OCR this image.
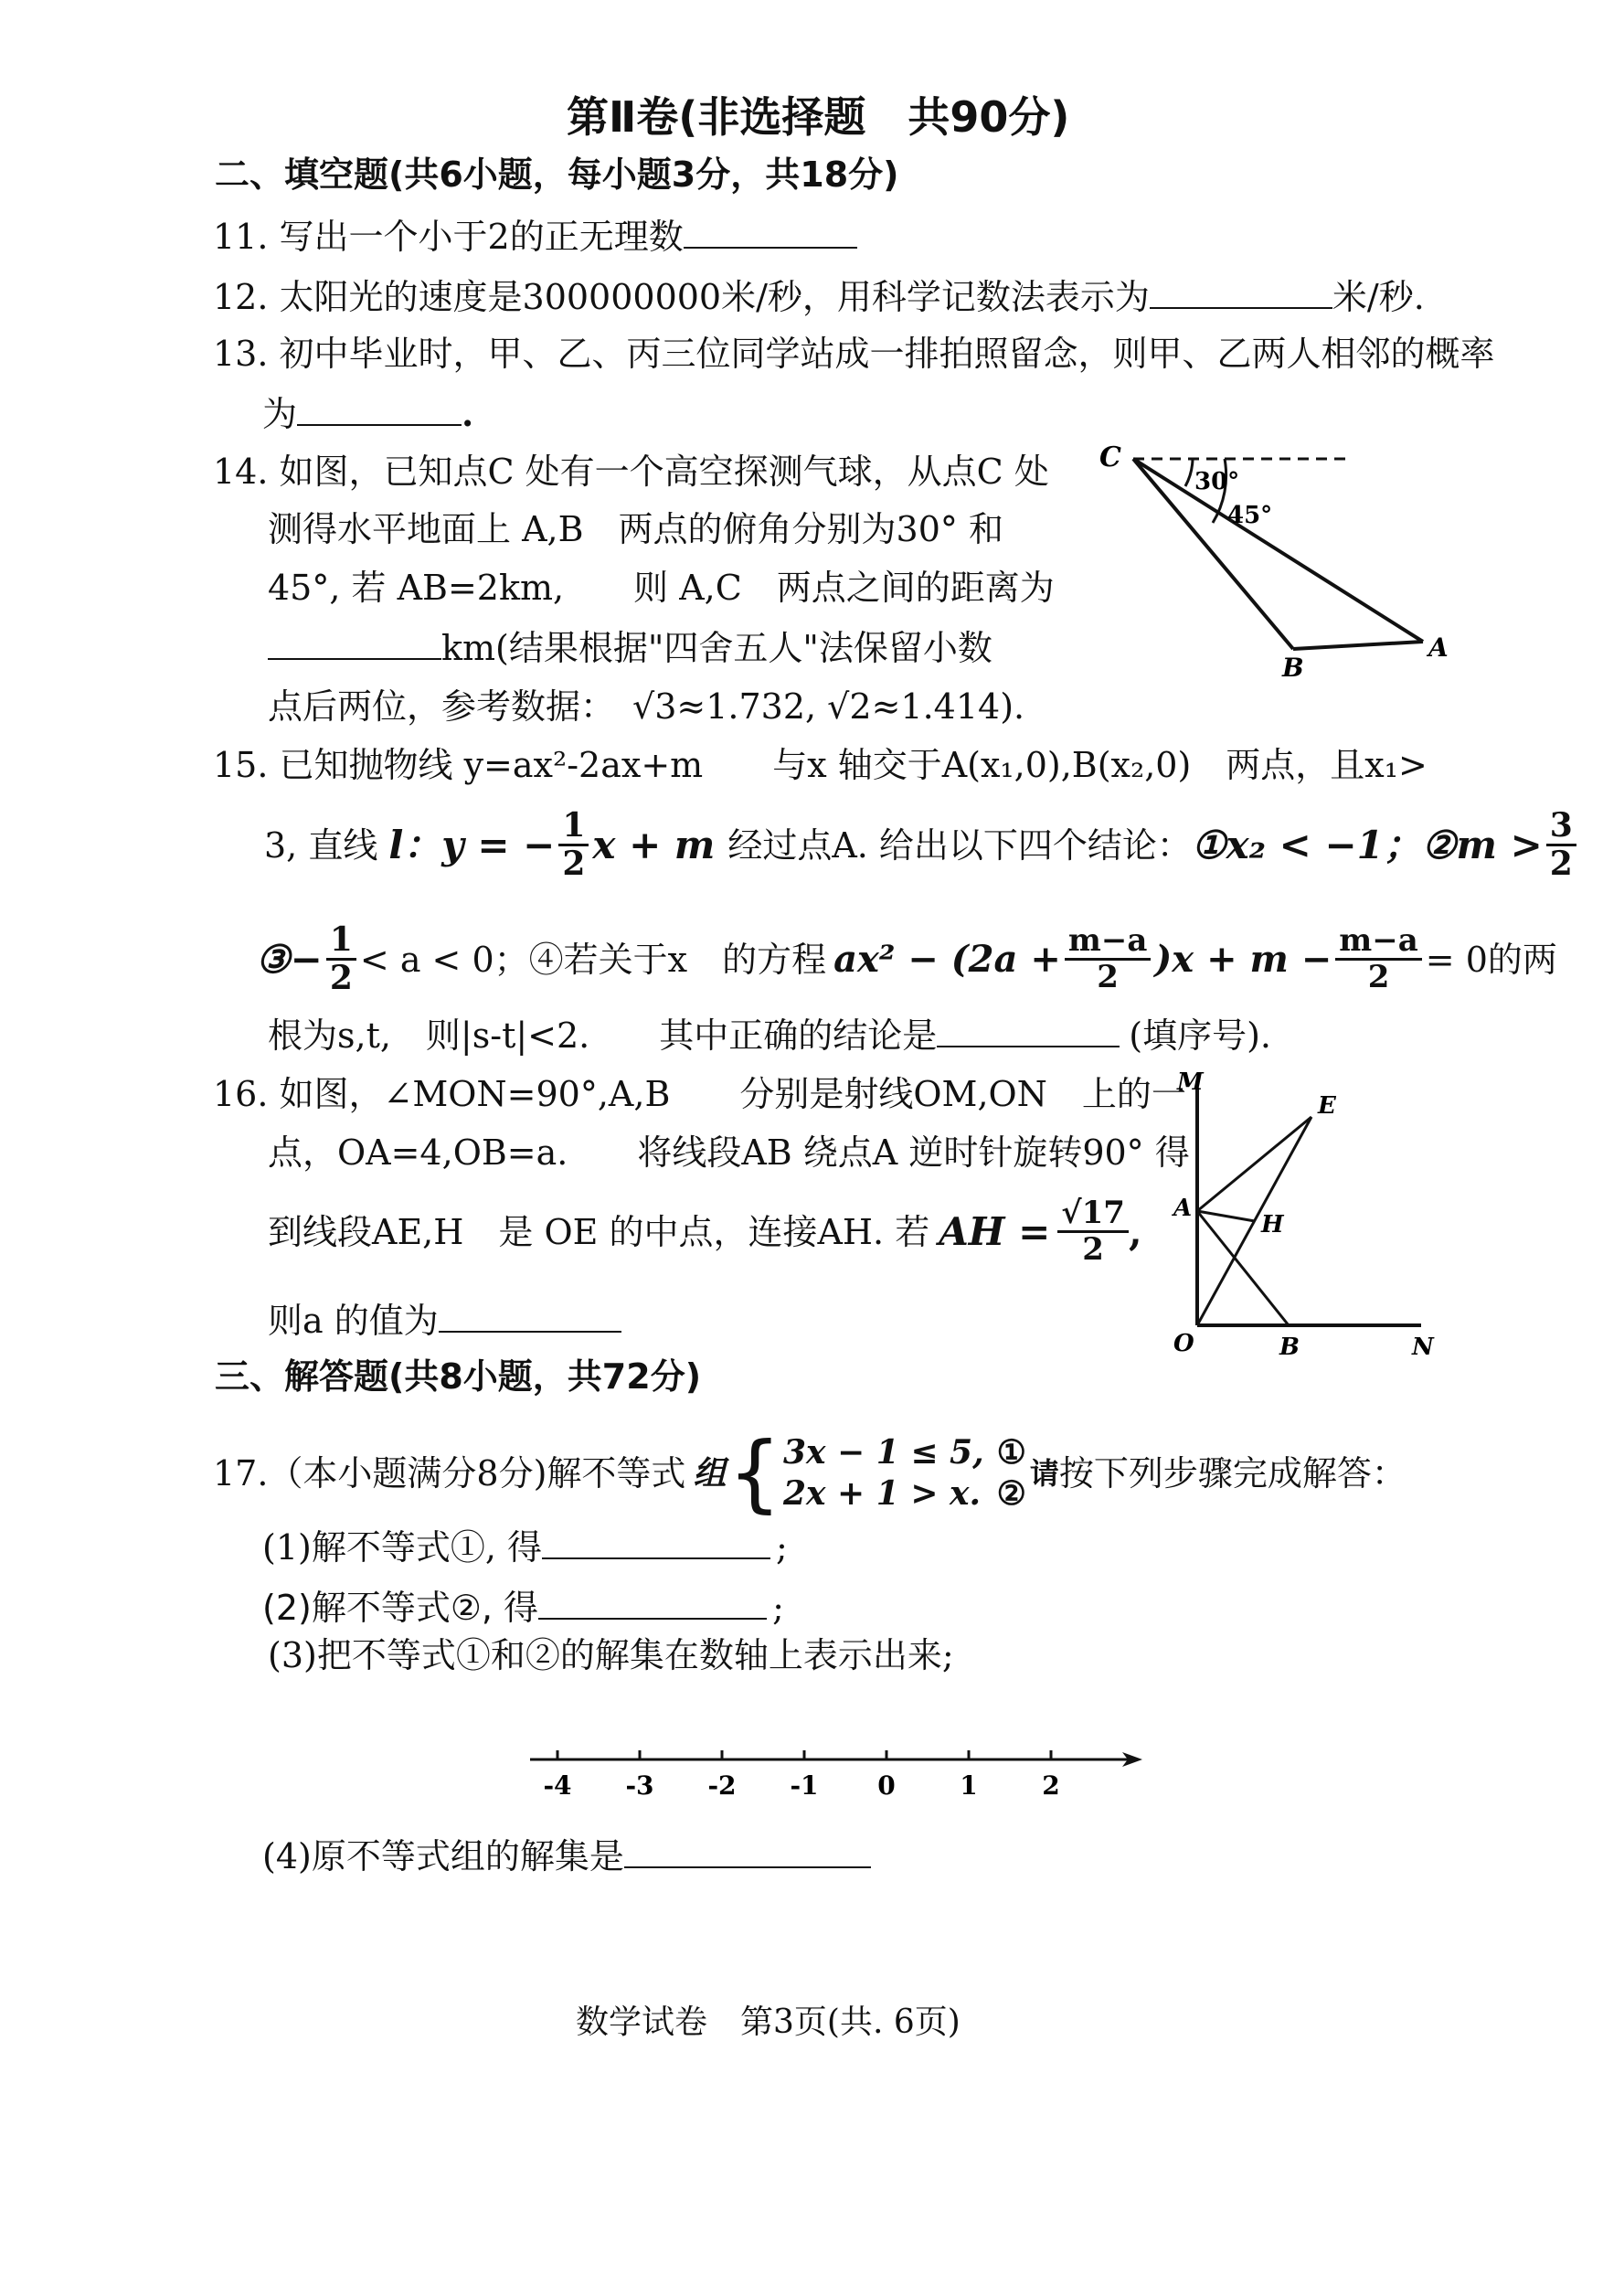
第Ⅱ卷(非选择题　共90分)
二、填空题(共6小题，每小题3分，共18分)
11. 写出一个小于2的正无理数
12. 太阳光的速度是300000000米/秒，用科学记数法表示为	米/秒.
13. 初中毕业时，甲、乙、丙三位同学站成一排拍照留念，则甲、乙两人相邻的概率
为	.
14. 如图，已知点C 处有一个高空探测气球，从点C 处
测得水平地面上 A,B　两点的俯角分别为30° 和
45°, 若 AB=2km,　　则 A,C　两点之间的距离为
km(结果根据"四舍五人"法保留小数
点后两位，参考数据：　√3≈1.732, √2≈1.414).
C
30°
45°
B
A
15. 已知抛物线 y=ax²-2ax+m　　与x 轴交于A(x₁,0),B(x₂,0)　两点，且x₁>
3, 直线 l：y = − $\frac{1}{2}$ x + m 经过点A. 给出以下四个结论： ①x₂ < −1；②m > $\frac{3}{2}$
③− $\frac{1}{2} < a < 0$；④若关于x　的方程 $ax^2 - (2a + \frac{m-a}{2} )x + m - \frac{m-a}{2} = 0$的两
根为s,t,　则|s-t|<2.　　其中正确的结论是	(填序号).
16. 如图，∠MON=90°,A,B　　分别是射线OM,ON　上的一
点，OA=4,OB=a.　　将线段AB 绕点A 逆时针旋转90° 得
到线段AE,H　是 OE 的中点，连接AH. 若 AH = $\frac{√17}{2}$ ,
则a 的值为
M
E
A
H
O	B	N
三、解答题(共8小题，共72分)
17.（本小题满分8分)解不等式 组 { 3x − 1 ≤ 5,
2x + 1 > x.
①
②
请 按下列步骤完成解答：
(1)解不等式①, 得	;
(2)解不等式②, 得	;
(3)把不等式①和②的解集在数轴上表示出来;
-4 -3 -2 -1 0	1	2
(4)原不等式组的解集是
数学试卷　第3页(共. 6页)
